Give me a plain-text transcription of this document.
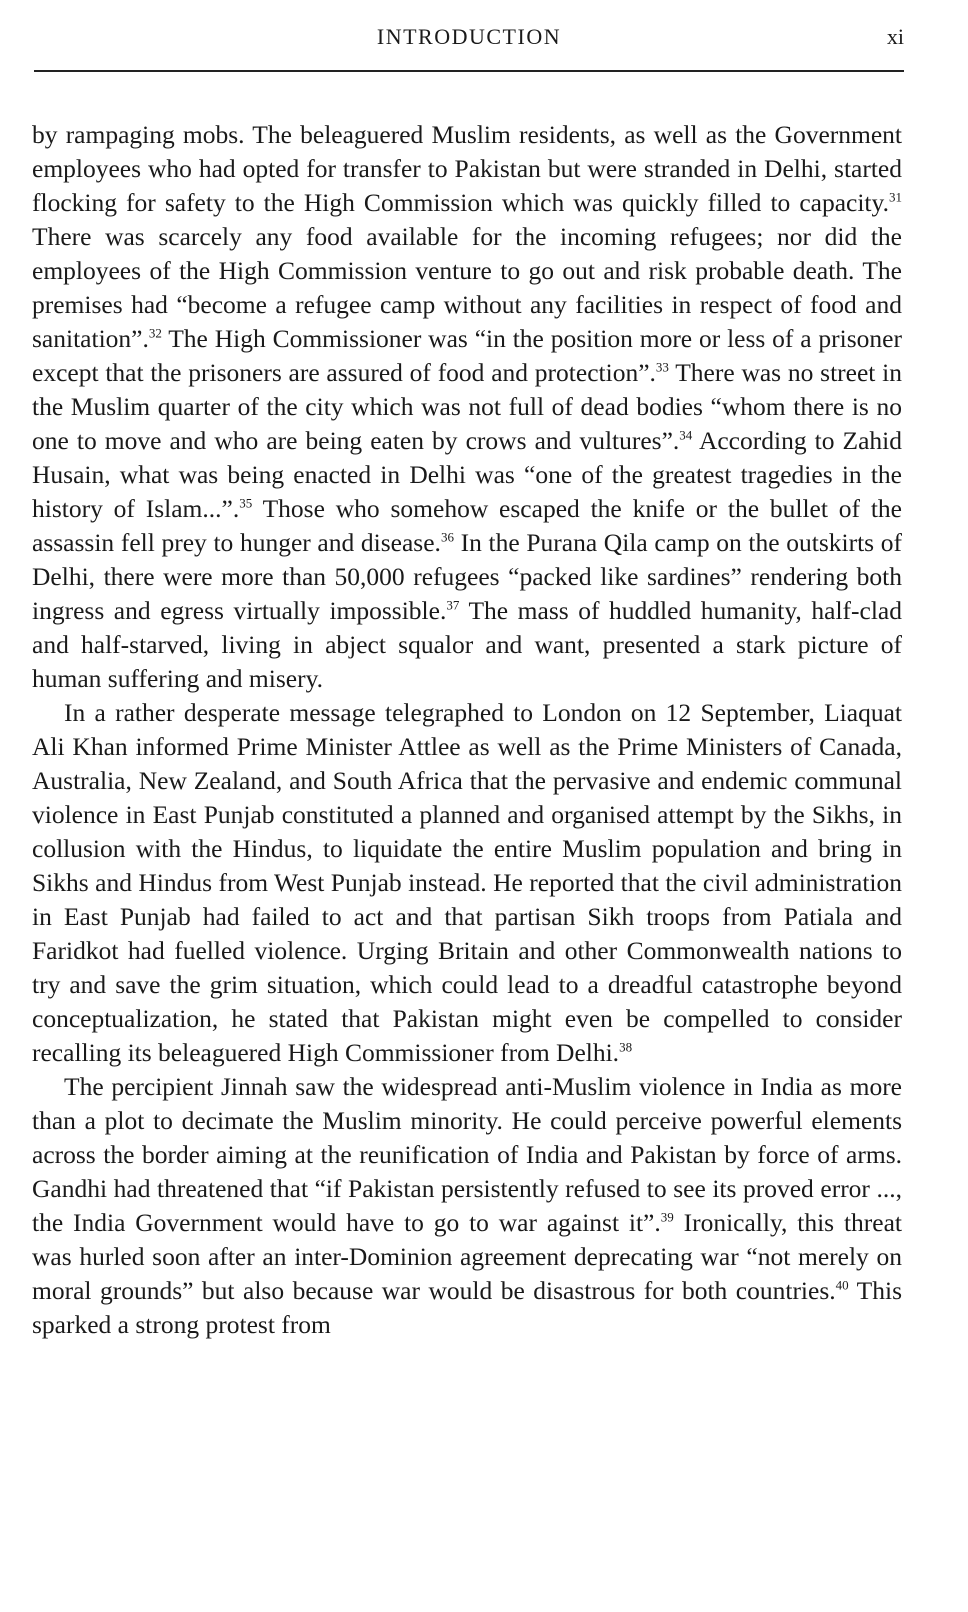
INTRODUCTION	xi

by rampaging mobs. The beleaguered Muslim residents, as well as the Government employees who had opted for transfer to Pakistan but were stranded in Delhi, started flocking for safety to the High Commission which was quickly filled to capacity.$^{31}$ There was scarcely any food available for the incoming refugees; nor did the employees of the High Commission venture to go out and risk probable death. The premises had “become a refugee camp without any facilities in respect of food and sanitation”.$^{32}$ The High Commissioner was “in the position more or less of a prisoner except that the prisoners are assured of food and protection”.$^{33}$ There was no street in the Muslim quarter of the city which was not full of dead bodies “whom there is no one to move and who are being eaten by crows and vultures”.$^{34}$ According to Zahid Husain, what was being enacted in Delhi was “one of the greatest tragedies in the history of Islam...”.$^{35}$ Those who somehow escaped the knife or the bullet of the assassin fell prey to hunger and disease.$^{36}$ In the Purana Qila camp on the outskirts of Delhi, there were more than 50,000 refugees “packed like sardines” rendering both ingress and egress virtually impossible.$^{37}$ The mass of huddled humanity, half-clad and half-starved, living in abject squalor and want, presented a stark picture of human suffering and misery.

In a rather desperate message telegraphed to London on 12 September, Liaquat Ali Khan informed Prime Minister Attlee as well as the Prime Ministers of Canada, Australia, New Zealand, and South Africa that the pervasive and endemic communal violence in East Punjab constituted a planned and organised attempt by the Sikhs, in collusion with the Hindus, to liquidate the entire Muslim population and bring in Sikhs and Hindus from West Punjab instead. He reported that the civil administration in East Punjab had failed to act and that partisan Sikh troops from Patiala and Faridkot had fuelled violence. Urging Britain and other Commonwealth nations to try and save the grim situation, which could lead to a dreadful catastrophe beyond conceptualization, he stated that Pakistan might even be compelled to consider recalling its beleaguered High Commissioner from Delhi.$^{38}$

The percipient Jinnah saw the widespread anti-Muslim violence in India as more than a plot to decimate the Muslim minority. He could perceive powerful elements across the border aiming at the reunification of India and Pakistan by force of arms. Gandhi had threatened that “if Pakistan persistently refused to see its proved error ..., the India Government would have to go to war against it”.$^{39}$ Ironically, this threat was hurled soon after an inter-Dominion agreement deprecating war “not merely on moral grounds” but also because war would be disastrous for both countries.$^{40}$ This sparked a strong protest from
